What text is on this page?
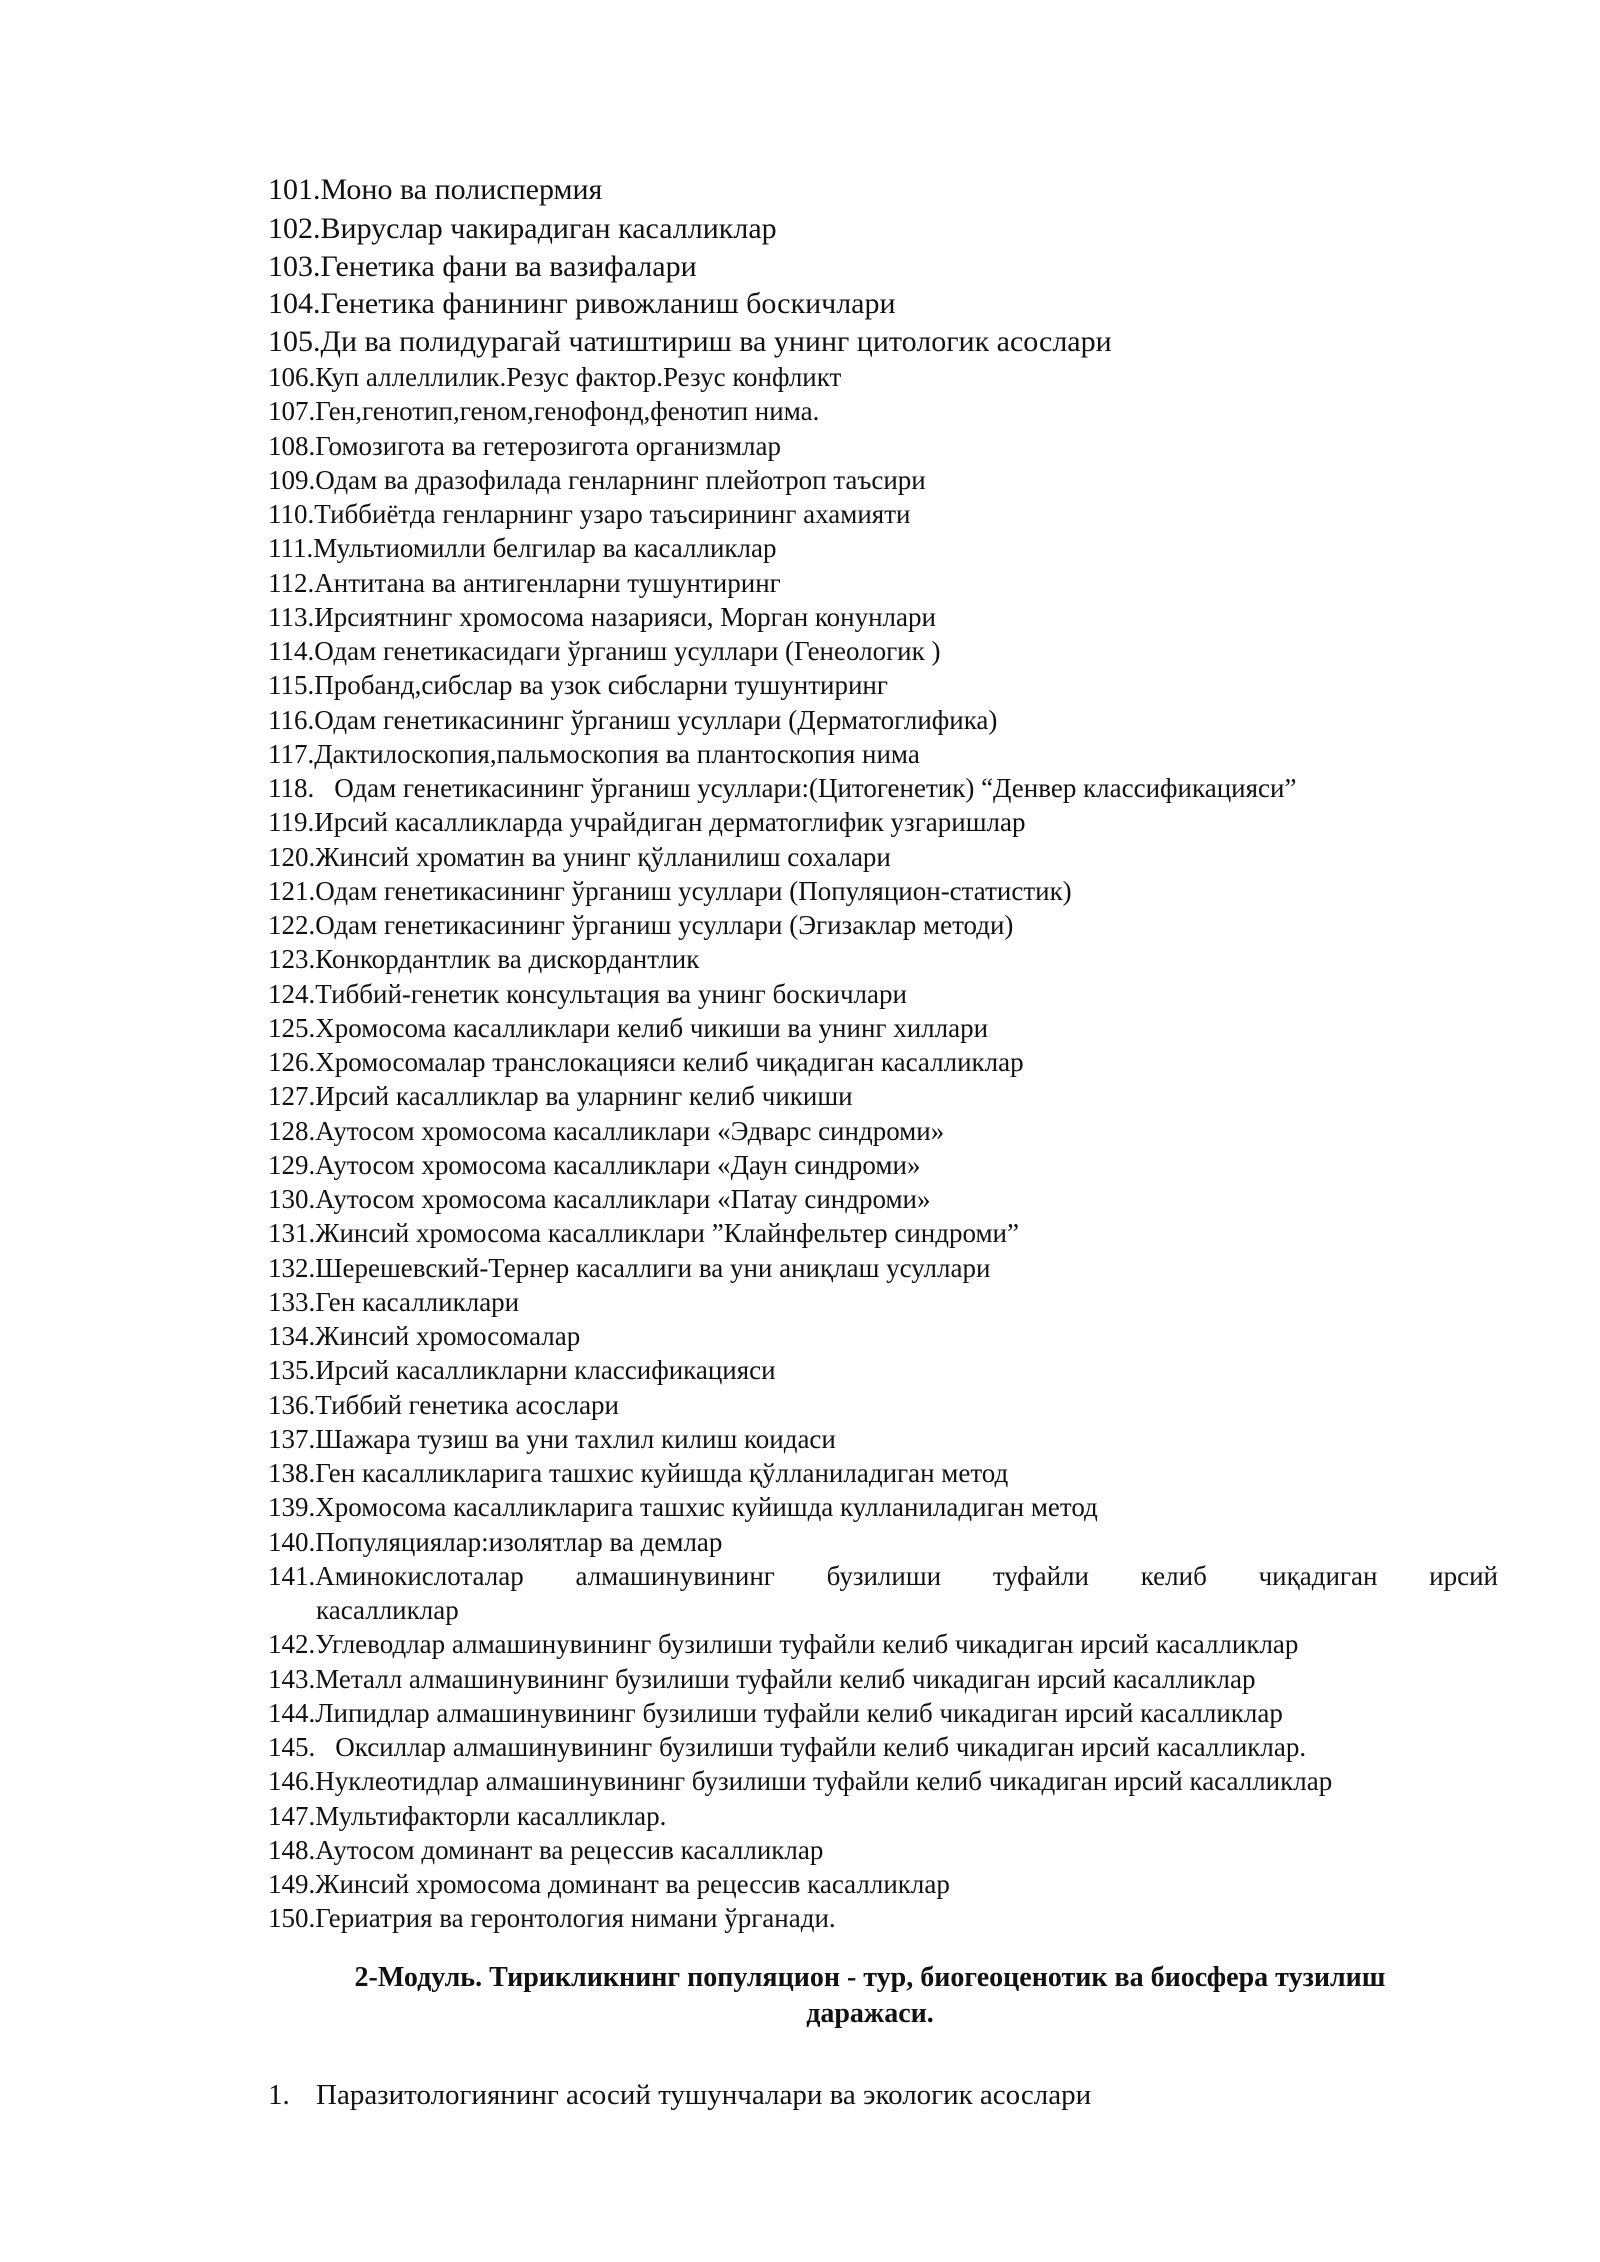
101. Моно ва полиспермия
102. Вируслар чакирадиган касалликлар
103. Генетика фани ва вазифалари
104. Генетика фанининг ривожланиш боскичлари
105. Ди ва полидурагай чатиштириш ва унинг цитологик асослари
106. Куп аллеллилик.Резус фактор.Резус конфликт
107. Ген,генотип,геном,генофонд,фенотип нима.
108. Гомозигота ва гетерозигота организмлар
109. Одам ва дразофилада генларнинг плейотроп таъсири
110. Тиббиётда генларнинг узаро таъсирининг ахамияти
111. Мультиомилли белгилар ва касалликлар
112. Антитана ва антигенларни тушунтиринг
113. Ирсиятнинг хромосома назарияси, Морган конунлари
114. Одам генетикасидаги ўрганиш усуллари (Генеологик )
115. Пробанд,сибслар ва узок сибсларни тушунтиринг
116. Одам генетикасининг ўрганиш усуллари (Дерматоглифика)
117. Дактилоскопия,пальмоскопия ва плантоскопия нима
118. Одам генетикасининг ўрганиш усуллари:(Цитогенетик) “Денвер классификацияси”
119. Ирсий касалликларда учрайдиган дерматоглифик узгаришлар
120. Жинсий хроматин ва унинг қўлланилиш сохалари
121. Одам генетикасининг ўрганиш усуллари (Популяцион-статистик)
122. Одам генетикасининг ўрганиш усуллари (Эгизаклар методи)
123. Конкордантлик ва дискордантлик
124. Тиббий-генетик консультация ва унинг боскичлари
125. Хромосома касалликлари келиб чикиши ва унинг хиллари
126. Хромосомалар транслокацияси келиб чиқадиган касалликлар
127. Ирсий касалликлар ва уларнинг келиб чикиши
128. Аутосом хромосома касалликлари «Эдварс синдроми»
129. Аутосом хромосома касалликлари «Даун синдроми»
130. Аутосом хромосома касалликлари «Патау синдроми»
131. Жинсий хромосома касалликлари ”Клайнфельтер синдроми”
132. Шерешевский-Тернер касаллиги ва уни аниқлаш усуллари
133. Ген касалликлари
134. Жинсий хромосомалар
135. Ирсий касалликларни классификацияси
136. Тиббий генетика асослари
137. Шажара тузиш ва уни тахлил килиш коидаси
138. Ген касалликларига ташхис куйишда қўлланиладиган метод
139. Хромосома касалликларига ташхис куйишда кулланиладиган метод
140. Популяциялар:изолятлар ва демлар
141.Аминокислоталар алмашинувининг бузилиши туфайли келиб чиқадиган ирсий
касалликлар
142. Углеводлар алмашинувининг бузилиши туфайли келиб чикадиган ирсий касалликлар
143. Металл алмашинувининг бузилиши туфайли келиб чикадиган ирсий касалликлар
144. Липидлар алмашинувининг бузилиши туфайли келиб чикадиган ирсий касалликлар
145. Оксиллар алмашинувининг бузилиши туфайли келиб чикадиган ирсий касалликлар.
146. Нуклеотидлар алмашинувининг бузилиши туфайли келиб чикадиган ирсий касалликлар
147. Мультифакторли касалликлар.
148. Аутосом доминант ва рецессив касалликлар
149. Жинсий хромосома доминант ва рецессив касалликлар
150. Гериатрия ва геронтология нимани ўрганади.
2-Модуль. Тирикликнинг популяцион - тур, биогеоценотик ва биосфера тузилиш
даражаси.
1. Паразитологиянинг асосий тушунчалари ва экологик асослари
